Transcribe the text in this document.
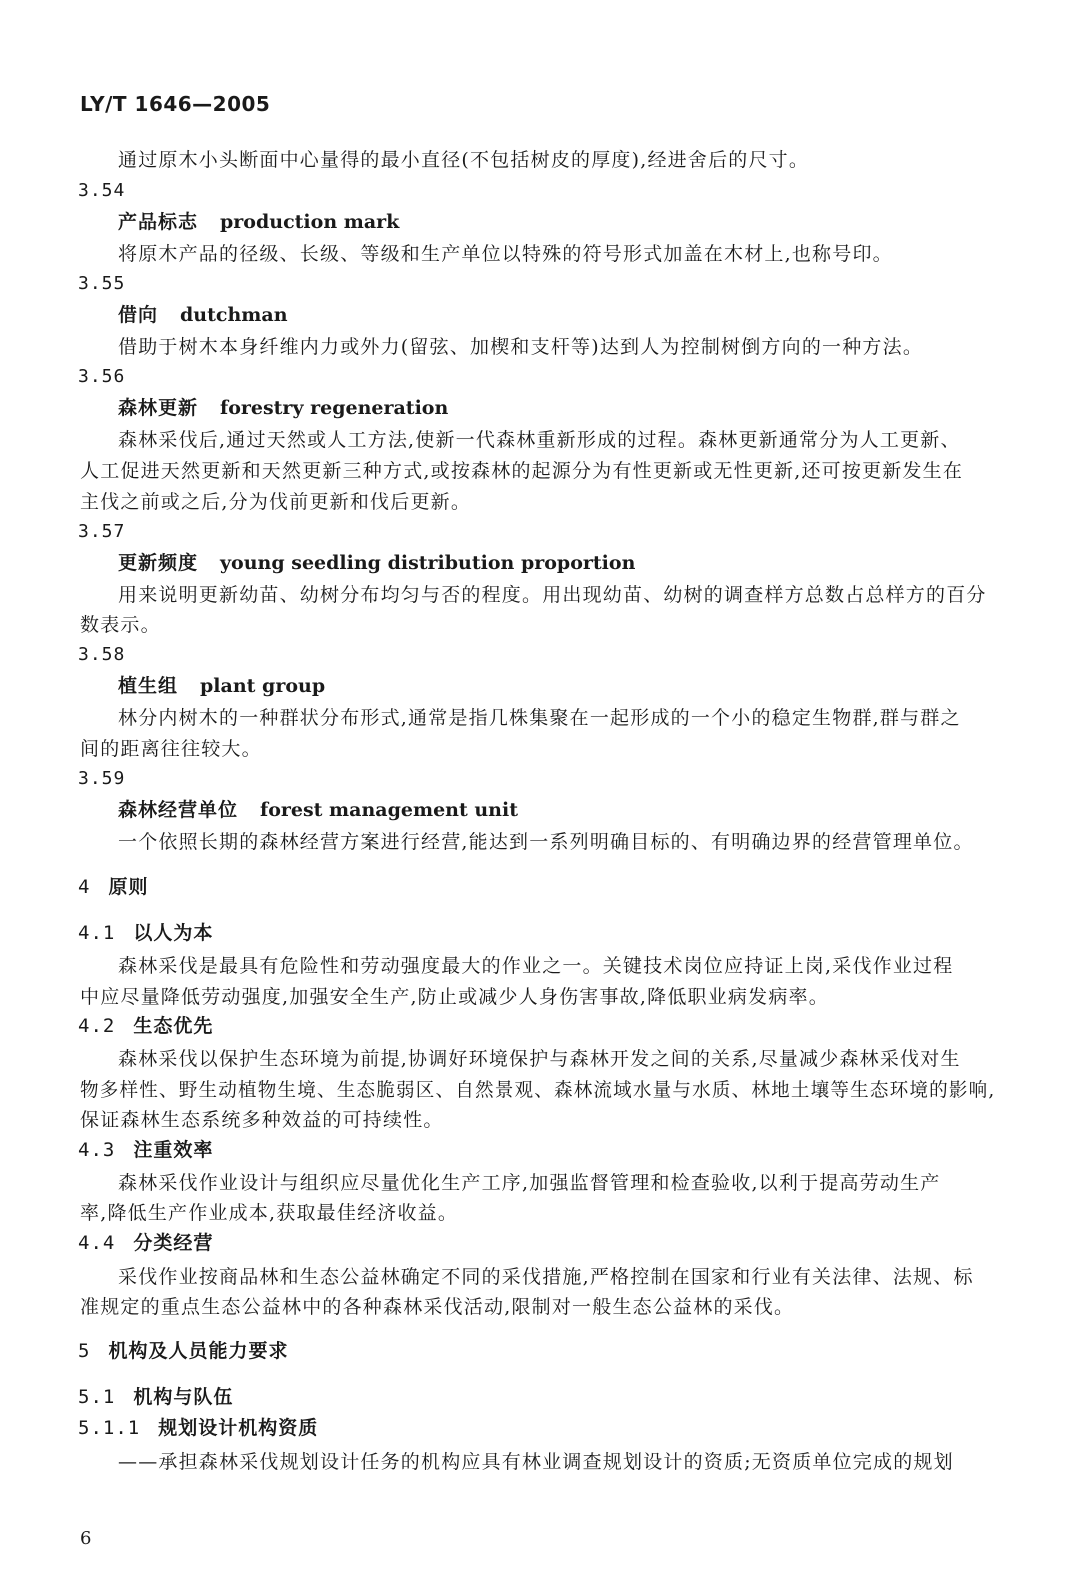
LY/T 1646—2005
通过原木小头断面中心量得的最小直径(不包括树皮的厚度),经进舍后的尺寸。
3.54
产品标志 production mark
将原木产品的径级、长级、等级和生产单位以特殊的符号形式加盖在木材上,也称号印。
3.55
借向 dutchman
借助于树木本身纤维内力或外力(留弦、加楔和支杆等)达到人为控制树倒方向的一种方法。
3.56
森林更新 forestry regeneration
森林采伐后,通过天然或人工方法,使新一代森林重新形成的过程。森林更新通常分为人工更新、
人工促进天然更新和天然更新三种方式,或按森林的起源分为有性更新或无性更新,还可按更新发生在
主伐之前或之后,分为伐前更新和伐后更新。
3.57
更新频度 young seedling distribution proportion
用来说明更新幼苗、幼树分布均匀与否的程度。用出现幼苗、幼树的调查样方总数占总样方的百分
数表示。
3.58
植生组 plant group
林分内树木的一种群状分布形式,通常是指几株集聚在一起形成的一个小的稳定生物群,群与群之
间的距离往往较大。
3.59
森林经营单位 forest management unit
一个依照长期的森林经营方案进行经营,能达到一系列明确目标的、有明确边界的经营管理单位。
4 原则
4.1 以人为本
森林采伐是最具有危险性和劳动强度最大的作业之一。关键技术岗位应持证上岗,采伐作业过程
中应尽量降低劳动强度,加强安全生产,防止或减少人身伤害事故,降低职业病发病率。
4.2 生态优先
森林采伐以保护生态环境为前提,协调好环境保护与森林开发之间的关系,尽量减少森林采伐对生
物多样性、野生动植物生境、生态脆弱区、自然景观、森林流域水量与水质、林地土壤等生态环境的影响,
保证森林生态系统多种效益的可持续性。
4.3 注重效率
森林采伐作业设计与组织应尽量优化生产工序,加强监督管理和检查验收,以利于提高劳动生产
率,降低生产作业成本,获取最佳经济收益。
4.4 分类经营
采伐作业按商品林和生态公益林确定不同的采伐措施,严格控制在国家和行业有关法律、法规、标
准规定的重点生态公益林中的各种森林采伐活动,限制对一般生态公益林的采伐。
5 机构及人员能力要求
5.1 机构与队伍
5.1.1 规划设计机构资质
——承担森林采伐规划设计任务的机构应具有林业调查规划设计的资质;无资质单位完成的规划
6
